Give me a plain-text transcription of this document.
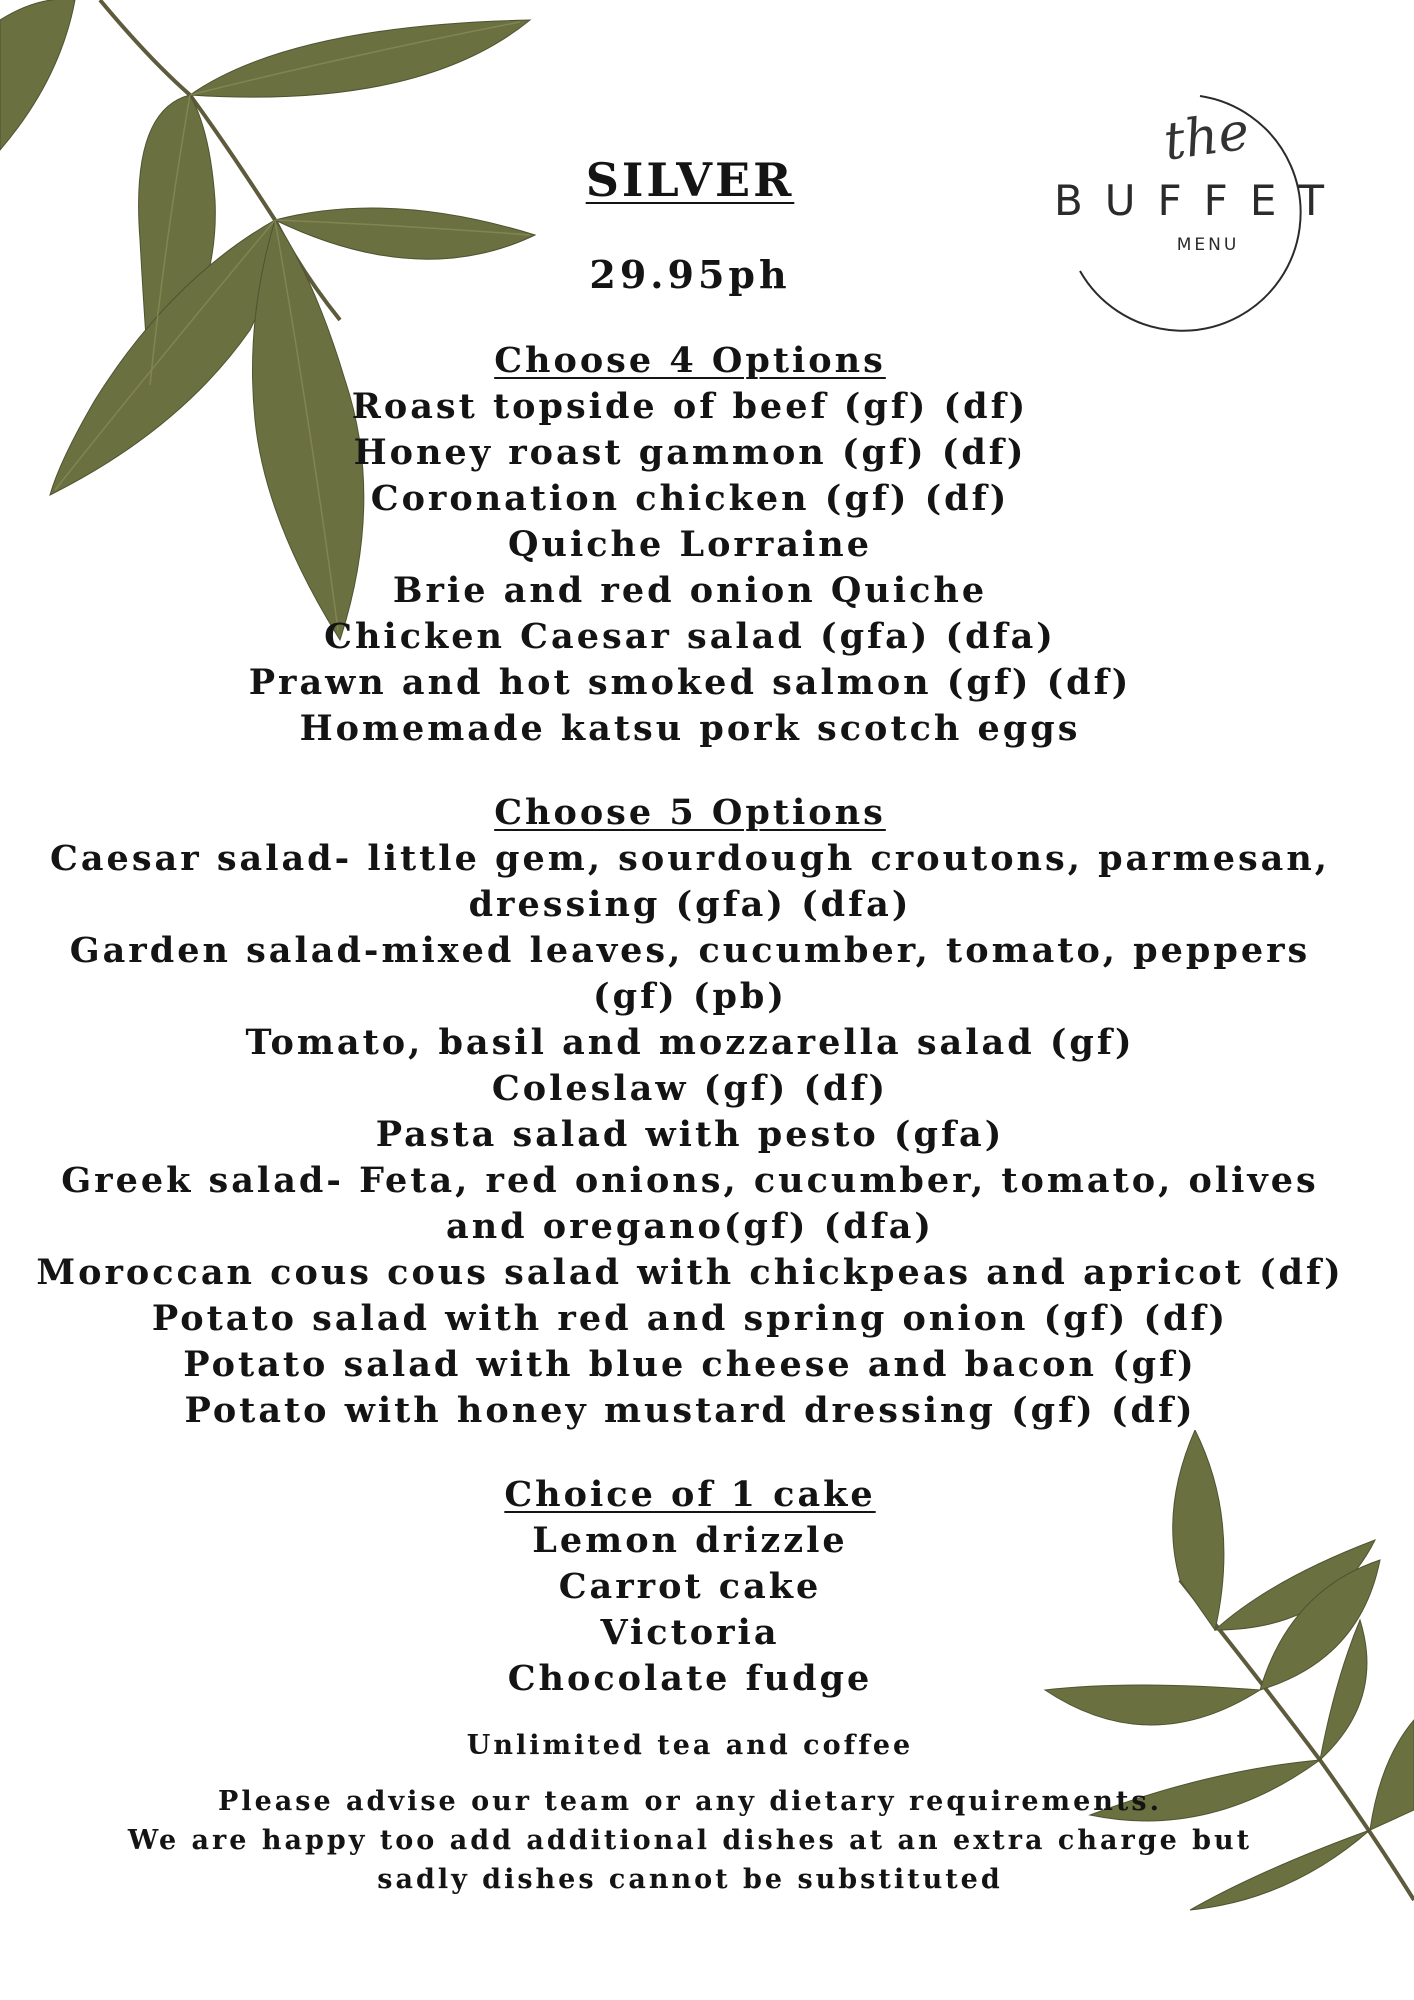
the
BUFFET
MENU
SILVER
29.95ph
Choose 4 Options
Roast topside of beef (gf) (df)
Honey roast gammon (gf) (df)
Coronation chicken (gf) (df)
Quiche Lorraine
Brie and red onion Quiche
Chicken Caesar salad (gfa) (dfa)
Prawn and hot smoked salmon (gf) (df)
Homemade katsu pork scotch eggs
Choose 5 Options
Caesar salad- little gem, sourdough croutons, parmesan, dressing (gfa) (dfa)
Garden salad-mixed leaves, cucumber, tomato, peppers (gf) (pb)
Tomato, basil and mozzarella salad (gf)
Coleslaw (gf) (df)
Pasta salad with pesto (gfa)
Greek salad- Feta, red onions, cucumber, tomato, olives and oregano(gf) (dfa)
Moroccan cous cous salad with chickpeas and apricot (df)
Potato salad with red and spring onion (gf) (df)
Potato salad with blue cheese and bacon (gf)
Potato with honey mustard dressing (gf) (df)
Choice of 1 cake
Lemon drizzle
Carrot cake
Victoria
Chocolate fudge
Unlimited tea and coffee
Please advise our team or any dietary requirements.
We are happy too add additional dishes at an extra charge but
sadly dishes cannot be substituted
